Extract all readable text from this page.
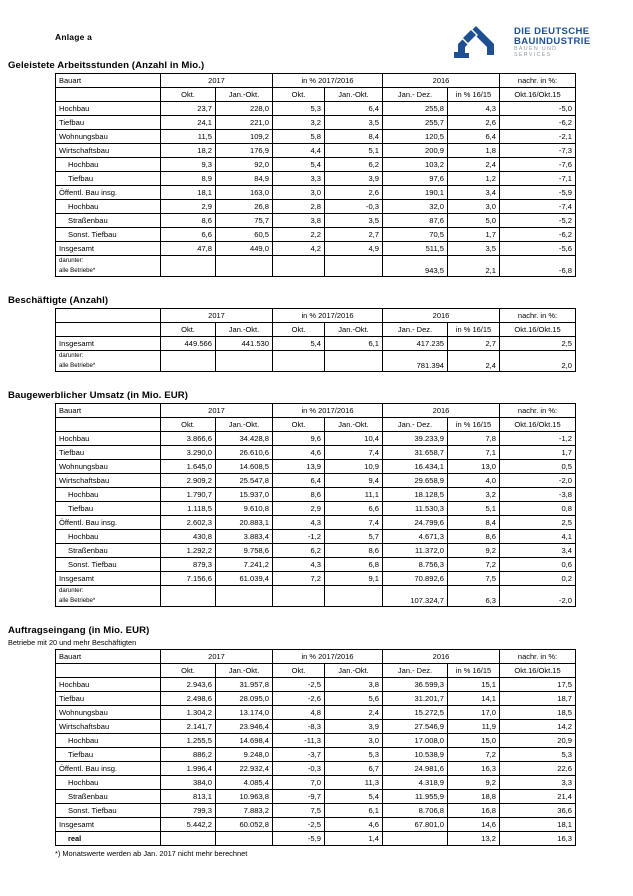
Anlage a	DIE DEUTSCHE
BAUINDUSTRIE
BAUEN UND SERVICES
Geleistete Arbeitsstunden (Anzahl in Mio.)
Bauart	2017		in % 2017/2016		2016		nachr. in %:
	Okt.	Jan.-Okt.	Okt.	Jan.-Okt.	Jan.- Dez.	in % 16/15	Okt.16/Okt.15
Hochbau	23,7	228,0	5,3	6,4	255,8	4,3	-5,0
Tiefbau	24,1	221,0	3,2	3,5	255,7	2,6	-6,2
Wohnungsbau	11,5	109,2	5,8	8,4	120,5	6,4	-2,1
Wirtschaftsbau	18,2	176,9	4,4	5,1	200,9	1,8	-7,3
Hochbau	9,3	92,0	5,4	6,2	103,2	2,4	-7,6
Tiefbau	8,9	84,9	3,3	3,9	97,6	1,2	-7,1
Öffentl. Bau insg.	18,1	163,0	3,0	2,6	190,1	3,4	-5,9
Hochbau	2,9	26,8	2,8	-0,3	32,0	3,0	-7,4
Straßenbau	8,6	75,7	3,8	3,5	87,6	5,0	-5,2
Sonst. Tiefbau	6,6	60,5	2,2	2,7	70,5	1,7	-6,2
Insgesamt	47,8	449,0	4,2	4,9	511,5	3,5	-5,6

darunter:
alle Betriebe*					943,5	2,1	-6,8
Beschäftigte (Anzahl)
	2017		in % 2017/2016		2016		nachr. in %:
	Okt.	Jan.-Okt.	Okt.	Jan.-Okt.	Jan.- Dez.	in % 16/15	Okt.16/Okt.15
Insgesamt	449.566	441.530	5,4	6,1	417.235	2,7	2,5

darunter:
alle Betriebe*					781.394	2,4	2,0
Baugewerblicher Umsatz (in Mio. EUR)
Bauart	2017		in % 2017/2016		2016		nachr. in %:
	Okt.	Jan.-Okt.	Okt.	Jan.-Okt.	Jan.- Dez.	in % 16/15	Okt.16/Okt.15
Hochbau	3.866,6	34.428,8	9,6	10,4	39.233,9	7,8	-1,2
Tiefbau	3.290,0	26.610,6	4,6	7,4	31.658,7	7,1	1,7
Wohnungsbau	1.645,0	14.608,5	13,9	10,9	16.434,1	13,0	0,5
Wirtschaftsbau	2.909,2	25.547,8	6,4	9,4	29.658,9	4,0	-2,0
Hochbau	1.790,7	15.937,0	8,6	11,1	18.128,5	3,2	-3,8
Tiefbau	1.118,5	9.610,8	2,9	6,6	11.530,3	5,1	0,8
Öffentl. Bau insg.	2.602,3	20.883,1	4,3	7,4	24.799,6	8,4	2,5
Hochbau	430,8	3.883,4	-1,2	5,7	4.671,3	8,6	4,1
Straßenbau	1.292,2	9.758,6	6,2	8,6	11.372,0	9,2	3,4
Sonst. Tiefbau	879,3	7.241,2	4,3	6,8	8.756,3	7,2	0,6
Insgesamt	7.156,6	61.039,4	7,2	9,1	70.892,6	7,5	0,2

darunter:
alle Betriebe*					107.324,7	6,3	-2,0
Auftragseingang (in Mio. EUR)
Betriebe mit 20 und mehr Beschäftigten
Bauart	2017		in % 2017/2016		2016		nachr. in %:
	Okt.	Jan.-Okt.	Okt.	Jan.-Okt.	Jan.- Dez.	in % 16/15	Okt.16/Okt.15
Hochbau	2.943,6	31.957,8	-2,5	3,8	36.599,3	15,1	17,5
Tiefbau	2.498,6	28.095,0	-2,6	5,6	31.201,7	14,1	18,7
Wohnungsbau	1.304,2	13.174,0	4,8	2,4	15.272,5	17,0	18,5
Wirtschaftsbau	2.141,7	23.946,4	-8,3	3,9	27.546,9	11,9	14,2
Hochbau	1.255,5	14.698,4	-11,3	3,0	17.008,0	15,0	20,9
Tiefbau	886,2	9.248,0	-3,7	5,3	10.538,9	7,2	5,3
Öffentl. Bau insg.	1.996,4	22.932,4	-0,3	6,7	24.981,6	16,3	22,6
Hochbau	384,0	4.085,4	7,0	11,3	4.318,9	9,2	3,3
Straßenbau	813,1	10.963,8	-9,7	5,4	11.955,9	18,8	21,4
Sonst. Tiefbau	799,3	7.883,2	7,5	6,1	8.706,8	16,8	36,6
Insgesamt	5.442,2	60.052,8	-2,5	4,6	67.801,0	14,6	18,1
real			-5,9	1,4		13,2	16,3
*) Monatswerte werden ab Jan. 2017 nicht mehr berechnet
